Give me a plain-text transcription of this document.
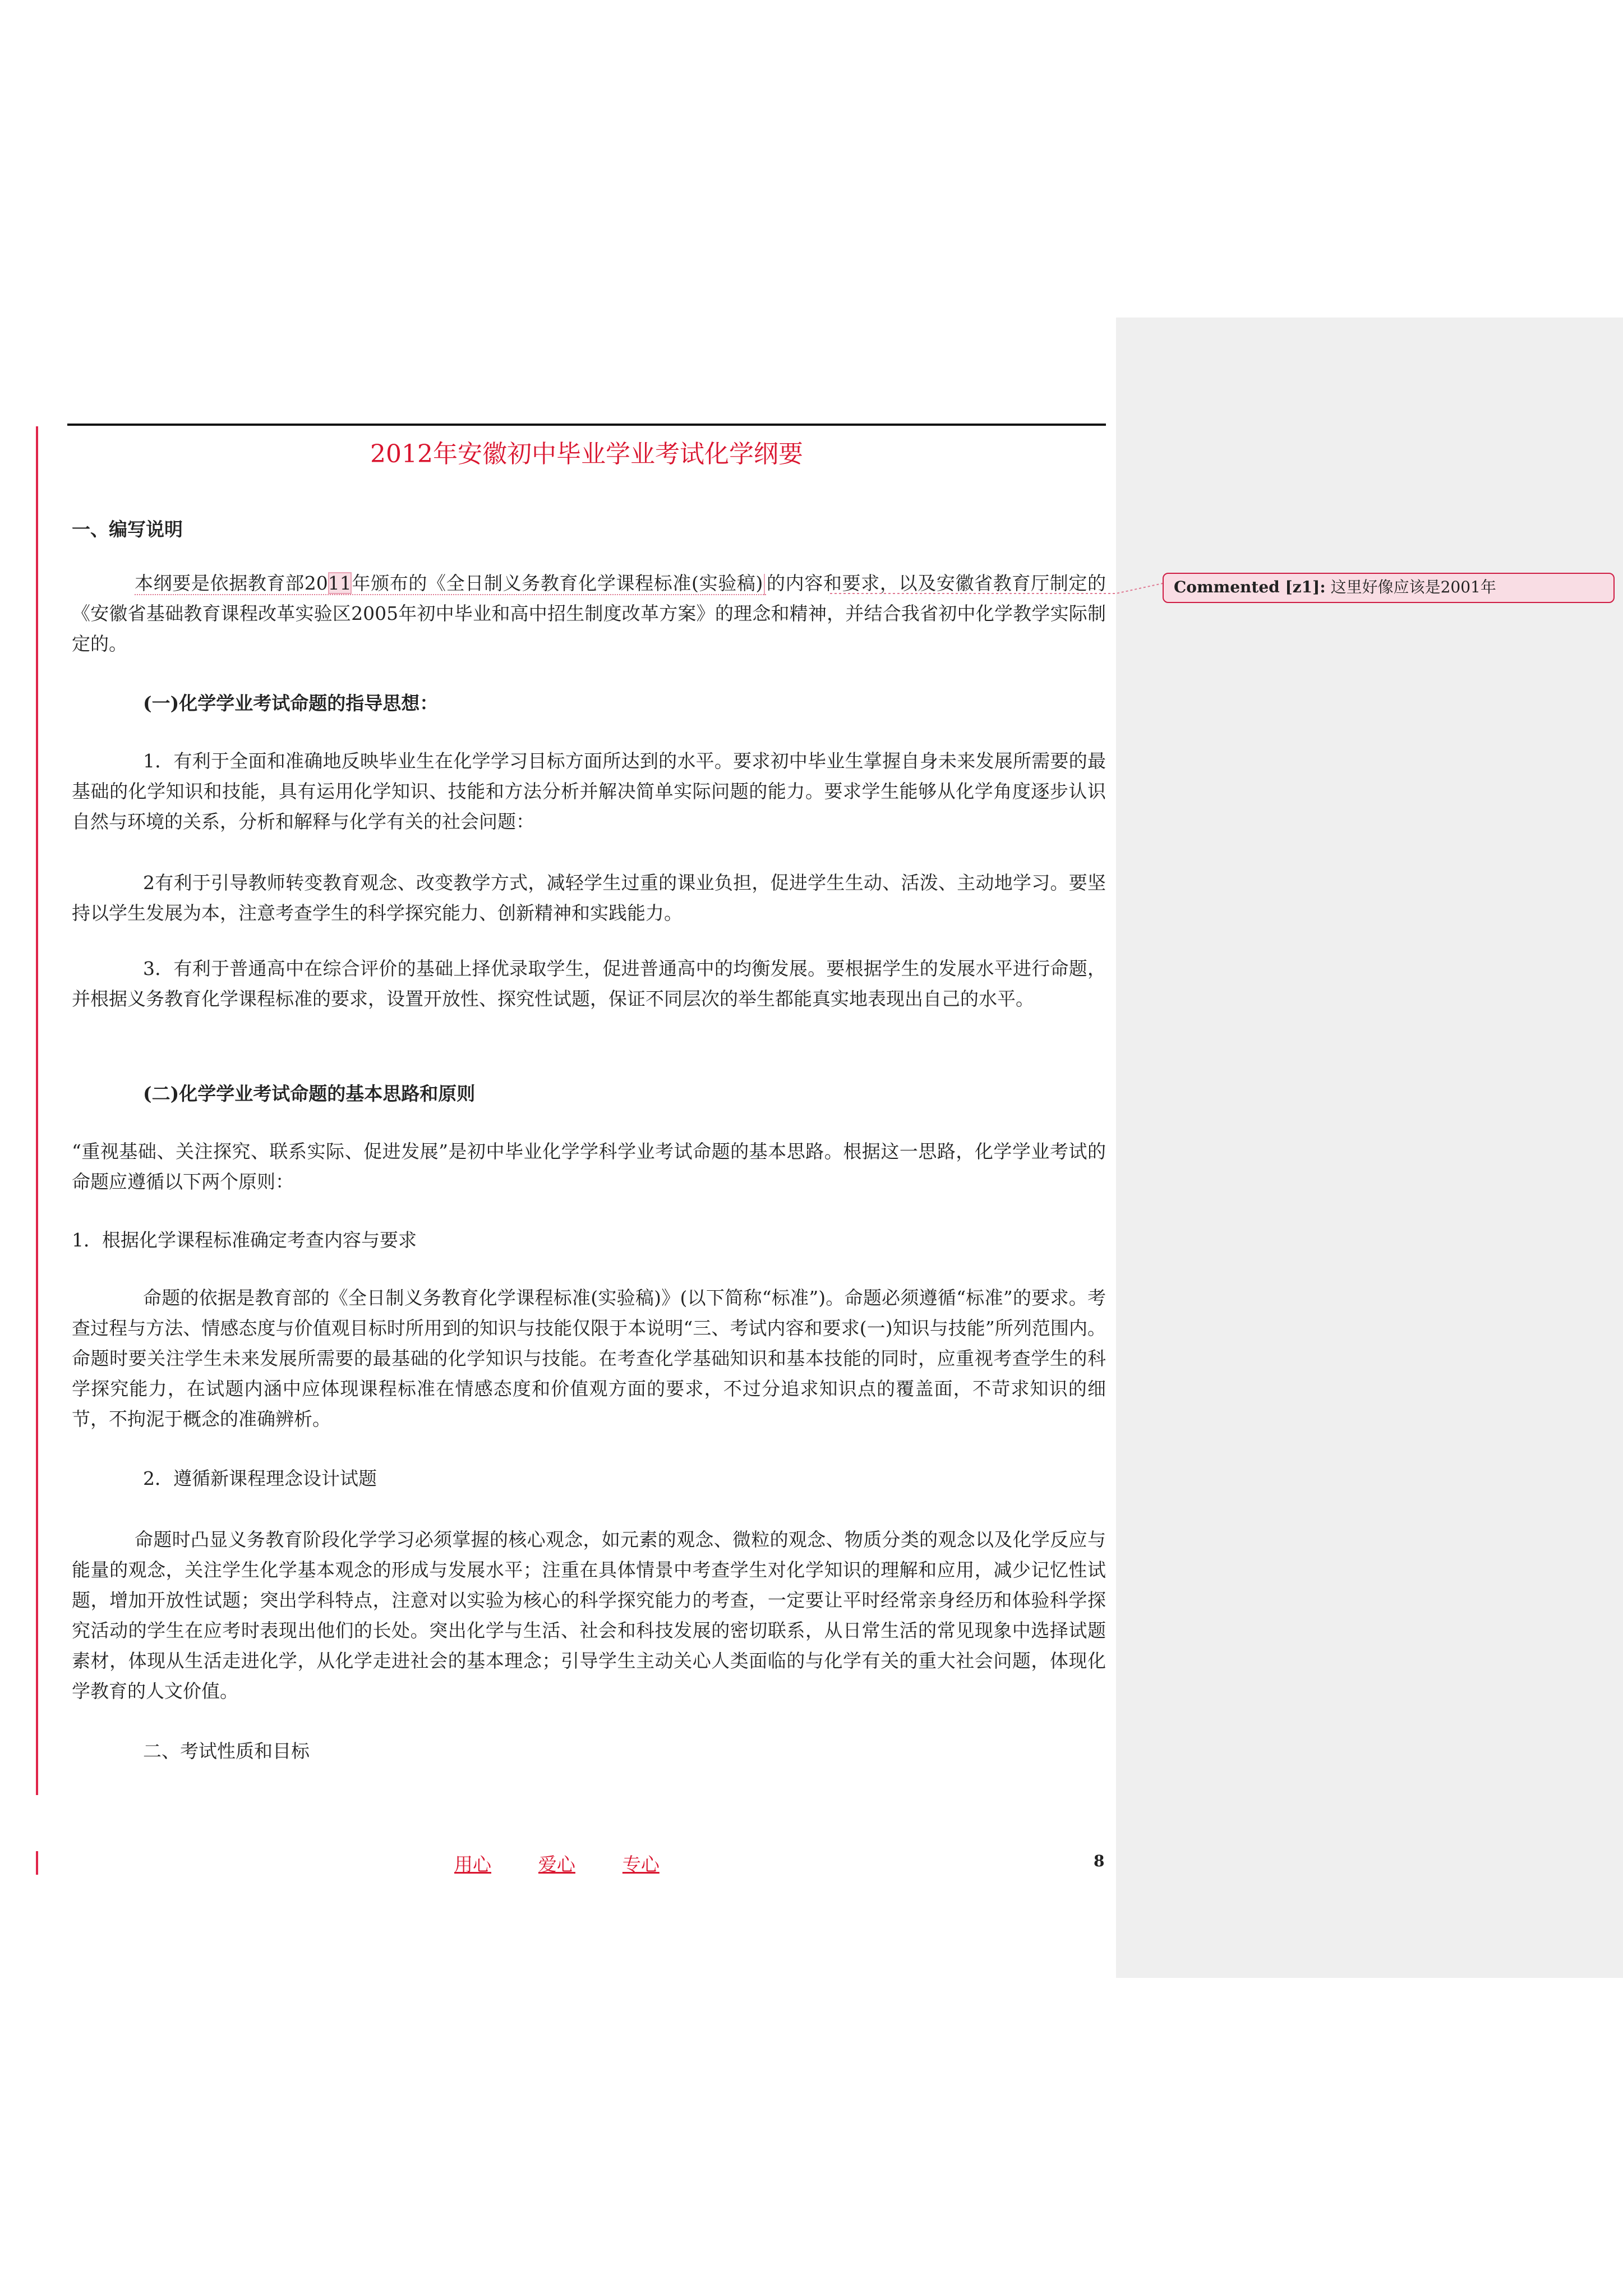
2012年安徽初中毕业学业考试化学纲要

一、编写说明

本纲要是依据教育部2011年颁布的《全日制义务教育化学课程标准(实验稿) 的内容和要求，以及安徽省教育厅制定的《安徽省基础教育课程改革实验区2005年初中毕业和高中招生制度改革方案》的理念和精神，并结合我省初中化学教学实际制定的。

(一)化学学业考试命题的指导思想：

1．有利于全面和准确地反映毕业生在化学学习目标方面所达到的水平。要求初中毕业生掌握自身未来发展所需要的最基础的化学知识和技能，具有运用化学知识、技能和方法分析并解决简单实际问题的能力。要求学生能够从化学角度逐步认识自然与环境的关系，分析和解释与化学有关的社会问题：

2有利于引导教师转变教育观念、改变教学方式，减轻学生过重的课业负担，促进学生生动、活泼、主动地学习。要坚持以学生发展为本，注意考查学生的科学探究能力、创新精神和实践能力。

3．有利于普通高中在综合评价的基础上择优录取学生，促进普通高中的均衡发展。要根据学生的发展水平进行命题，并根据义务教育化学课程标准的要求，设置开放性、探究性试题，保证不同层次的举生都能真实地表现出自己的水平。

(二)化学学业考试命题的基本思路和原则

“重视基础、关注探究、联系实际、促进发展”是初中毕业化学学科学业考试命题的基本思路。根据这一思路，化学学业考试的命题应遵循以下两个原则：

1．根据化学课程标准确定考查内容与要求

命题的依据是教育部的《全日制义务教育化学课程标准(实验稿)》(以下简称“标准”)。命题必须遵循“标准”的要求。考查过程与方法、情感态度与价值观目标时所用到的知识与技能仅限于本说明“三、考试内容和要求(一)知识与技能”所列范围内。命题时要关注学生未来发展所需要的最基础的化学知识与技能。在考查化学基础知识和基本技能的同时，应重视考查学生的科学探究能力，在试题内涵中应体现课程标准在情感态度和价值观方面的要求，不过分追求知识点的覆盖面，不苛求知识的细节，不拘泥于概念的准确辨析。

2．遵循新课程理念设计试题

命题时凸显义务教育阶段化学学习必须掌握的核心观念，如元素的观念、微粒的观念、物质分类的观念以及化学反应与能量的观念，关注学生化学基本观念的形成与发展水平；注重在具体情景中考查学生对化学知识的理解和应用，减少记忆性试题，增加开放性试题；突出学科特点，注意对以实验为核心的科学探究能力的考查，一定要让平时经常亲身经历和体验科学探究活动的学生在应考时表现出他们的长处。突出化学与生活、社会和科技发展的密切联系，从日常生活的常见现象中选择试题素材，体现从生活走进化学，从化学走进社会的基本理念；引导学生主动关心人类面临的与化学有关的重大社会问题，体现化学教育的人文价值。

二、考试性质和目标

Commented [z1]: 这里好像应该是2001年

用心	爱心	专心	8
